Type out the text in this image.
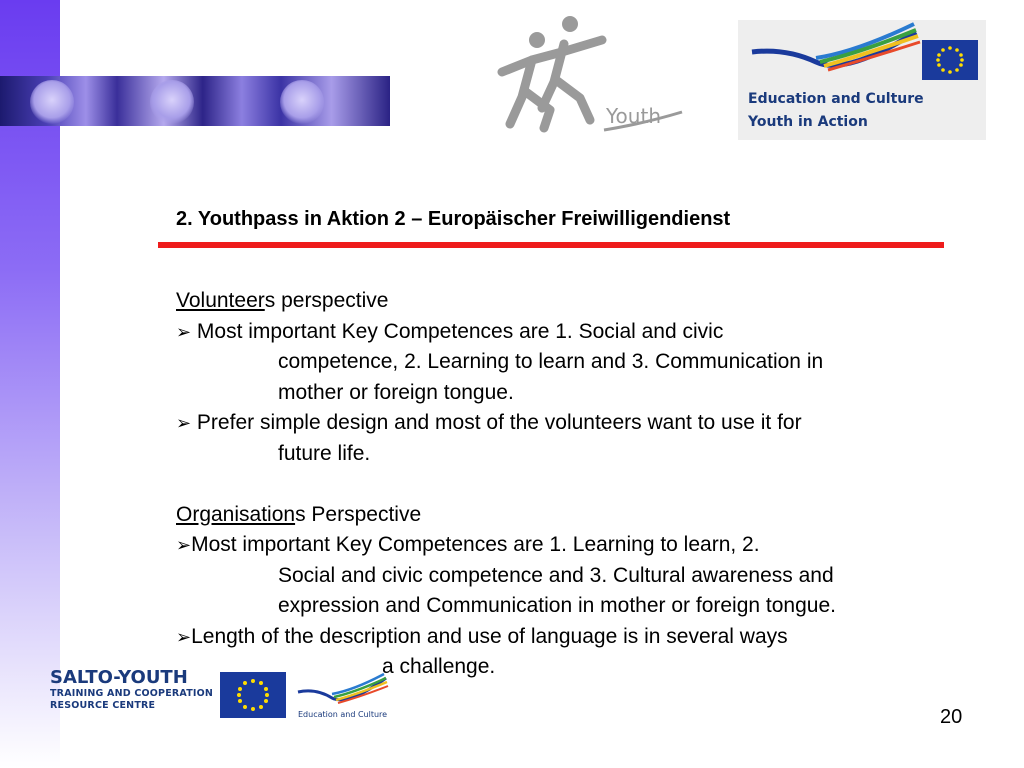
Youth
Education and Culture
Youth in Action
2. Youthpass in Aktion 2 – Europäischer Freiwilligendienst
Volunteers perspective
➢ Most important Key Competences are 1. Social and civic
competence, 2. Learning to learn and 3. Communication in
mother or foreign tongue.
➢ Prefer simple design and most of the volunteers want to use it for
future life.
Organisations Perspective
➢Most important Key Competences are 1. Learning to learn, 2.
Social and civic competence and 3. Cultural awareness and
expression and Communication in mother or foreign tongue.
➢Length of the description and use of language is in several ways
a challenge.
SALTO-YOUTH
TRAINING AND COOPERATION
RESOURCE CENTRE
Education and Culture	20
